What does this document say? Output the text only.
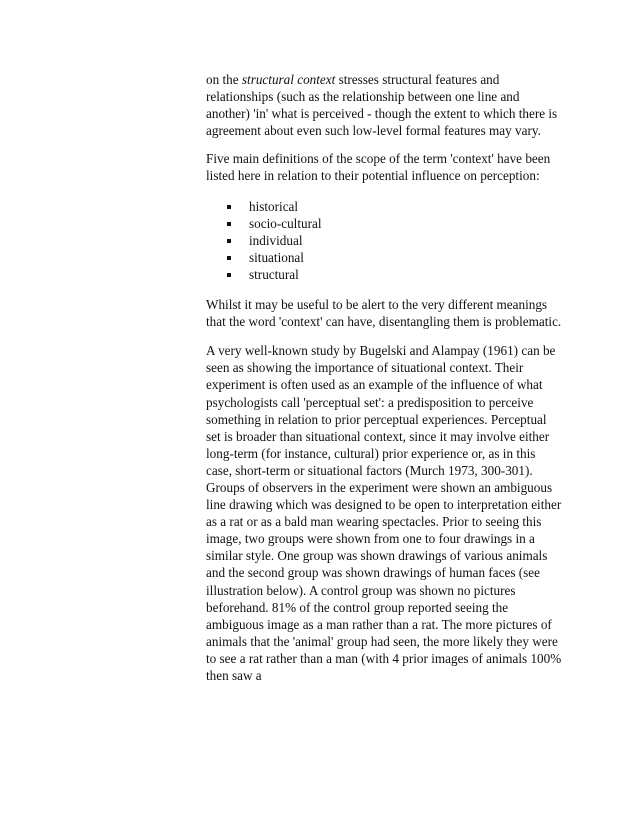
on the structural context stresses structural features and relationships (such as the relationship between one line and another) 'in' what is perceived - though the extent to which there is agreement about even such low-level formal features may vary.

Five main definitions of the scope of the term 'context' have been listed here in relation to their potential influence on perception:

historical
socio-cultural
individual
situational
structural

Whilst it may be useful to be alert to the very different meanings that the word 'context' can have, disentangling them is problematic.

A very well-known study by Bugelski and Alampay (1961) can be seen as showing the importance of situational context. Their experiment is often used as an example of the influence of what psychologists call 'perceptual set': a predisposition to perceive something in relation to prior perceptual experiences. Perceptual set is broader than situational context, since it may involve either long-term (for instance, cultural) prior experience or, as in this case, short-term or situational factors (Murch 1973, 300-301). Groups of observers in the experiment were shown an ambiguous line drawing which was designed to be open to interpretation either as a rat or as a bald man wearing spectacles. Prior to seeing this image, two groups were shown from one to four drawings in a similar style. One group was shown drawings of various animals and the second group was shown drawings of human faces (see illustration below). A control group was shown no pictures beforehand. 81% of the control group reported seeing the ambiguous image as a man rather than a rat. The more pictures of animals that the 'animal' group had seen, the more likely they were to see a rat rather than a man (with 4 prior images of animals 100% then saw a
